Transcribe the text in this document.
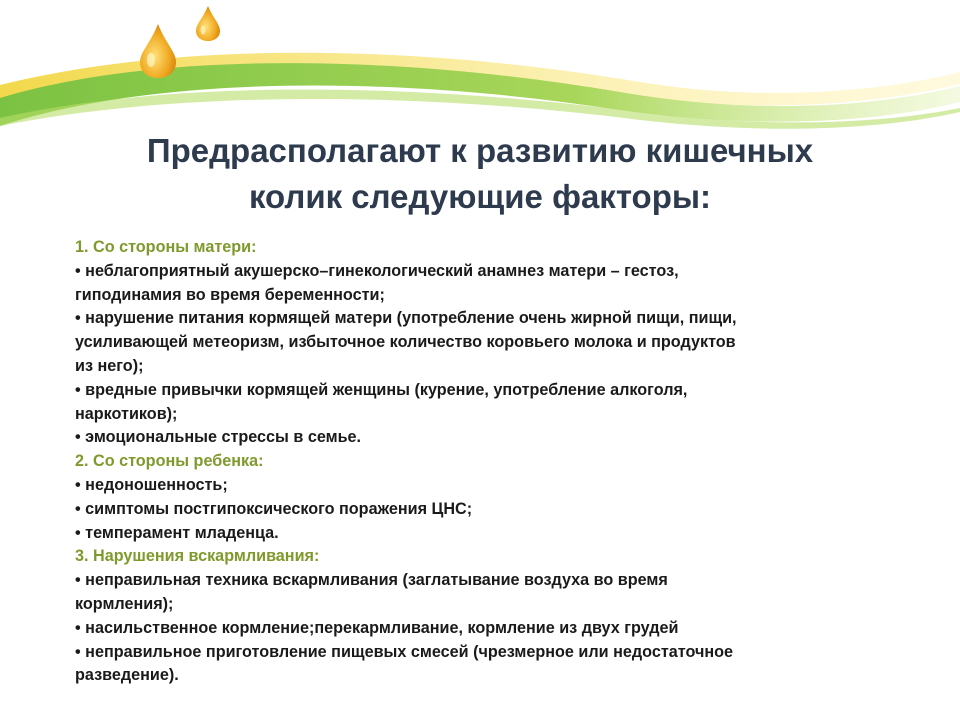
Предрасполагают к развитию кишечных
колик следующие факторы:
1. Со стороны матери:
• неблагоприятный акушерско–гинекологический анамнез матери – гестоз,
гиподинамия во время беременности;
• нарушение питания кормящей матери (употребление очень жирной пищи, пищи,
усиливающей метеоризм, избыточное количество коровьего молока и продуктов
из него);
• вредные привычки кормящей женщины (курение, употребление алкоголя,
наркотиков);
• эмоциональные стрессы в семье.
2. Со стороны ребенка:
• недоношенность;
• симптомы постгипоксического поражения ЦНС;
• темперамент младенца.
3. Нарушения вскармливания:
• неправильная техника вскармливания (заглатывание воздуха во время
кормления);
• насильственное кормление;перекармливание, кормление из двух грудей
• неправильное приготовление пищевых смесей (чрезмерное или недостаточное
разведение).
